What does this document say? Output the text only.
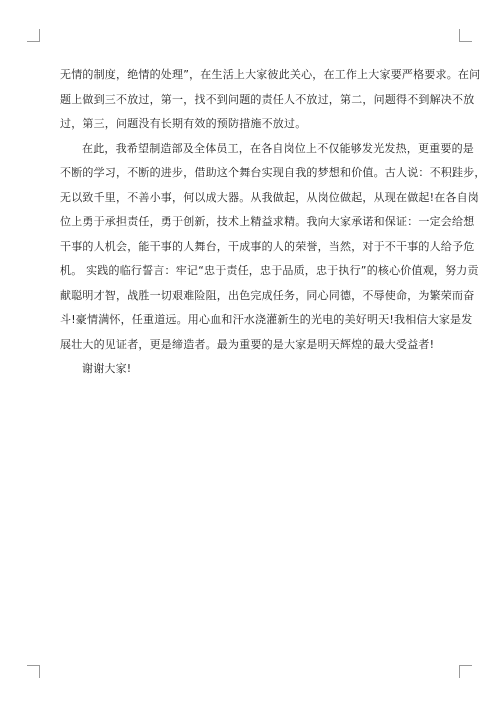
无情的制度，绝情的处理”，在生活上大家彼此关心，在工作上大家要严格要求。在问
题上做到三不放过，第一，找不到问题的责任人不放过，第二，问题得不到解决不放
过，第三，问题没有长期有效的预防措施不放过。

在此，我希望制造部及全体员工，在各自岗位上不仅能够发光发热，更重要的是
不断的学习，不断的进步，借助这个舞台实现自我的梦想和价值。古人说：不积跬步，
无以致千里，不善小事，何以成大器。从我做起，从岗位做起，从现在做起!在各自岗
位上勇于承担责任，勇于创新，技术上精益求精。我向大家承诺和保证：一定会给想
干事的人机会，能干事的人舞台，干成事的人的荣誉，当然，对于不干事的人给予危
机。 实践的临行誓言：牢记“忠于责任，忠于品质，忠于执行”的核心价值观，努力贡
献聪明才智，战胜一切艰难险阻，出色完成任务，同心同德，不辱使命，为繁荣而奋
斗!豪情满怀，任重道远。用心血和汗水浇灌新生的光电的美好明天!我相信大家是发
展壮大的见证者，更是缔造者。最为重要的是大家是明天辉煌的最大受益者!

谢谢大家!
